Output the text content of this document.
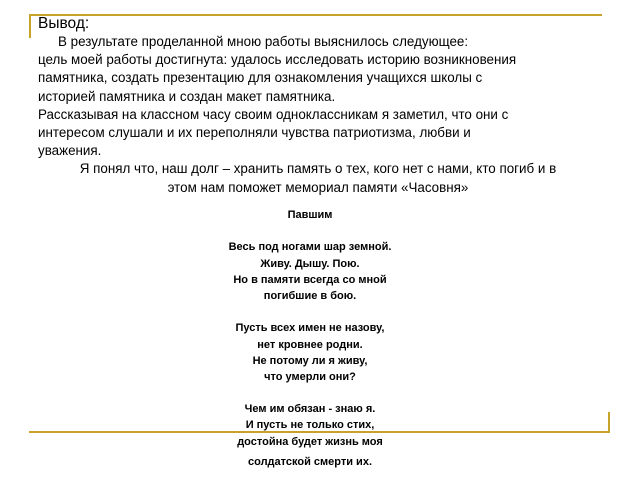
Вывод:

В результате проделанной мною работы выяснилось следующее:

цель моей работы достигнута: удалось исследовать историю возникновения

памятника, создать презентацию для ознакомления учащихся школы с

историей памятника и создан макет памятника.

Рассказывая на классном часу своим одноклассникам я заметил, что они с

интересом слушали и их переполняли чувства патриотизма, любви и

уважения.

Я понял что, наш долг – хранить память о тех, кого нет с нами, кто погиб и в

этом нам поможет мемориал памяти «Часовня»

Павшим
Весь под ногами шар земной.
Живу. Дышу. Пою.
Но в памяти всегда со мной
погибшие в бою.
Пусть всех имен не назову,
нет кровнее родни.
Не потому ли я живу,
что умерли они?
Чем им обязан - знаю я.
И пусть не только стих,
достойна будет жизнь моя
солдатской смерти их.
